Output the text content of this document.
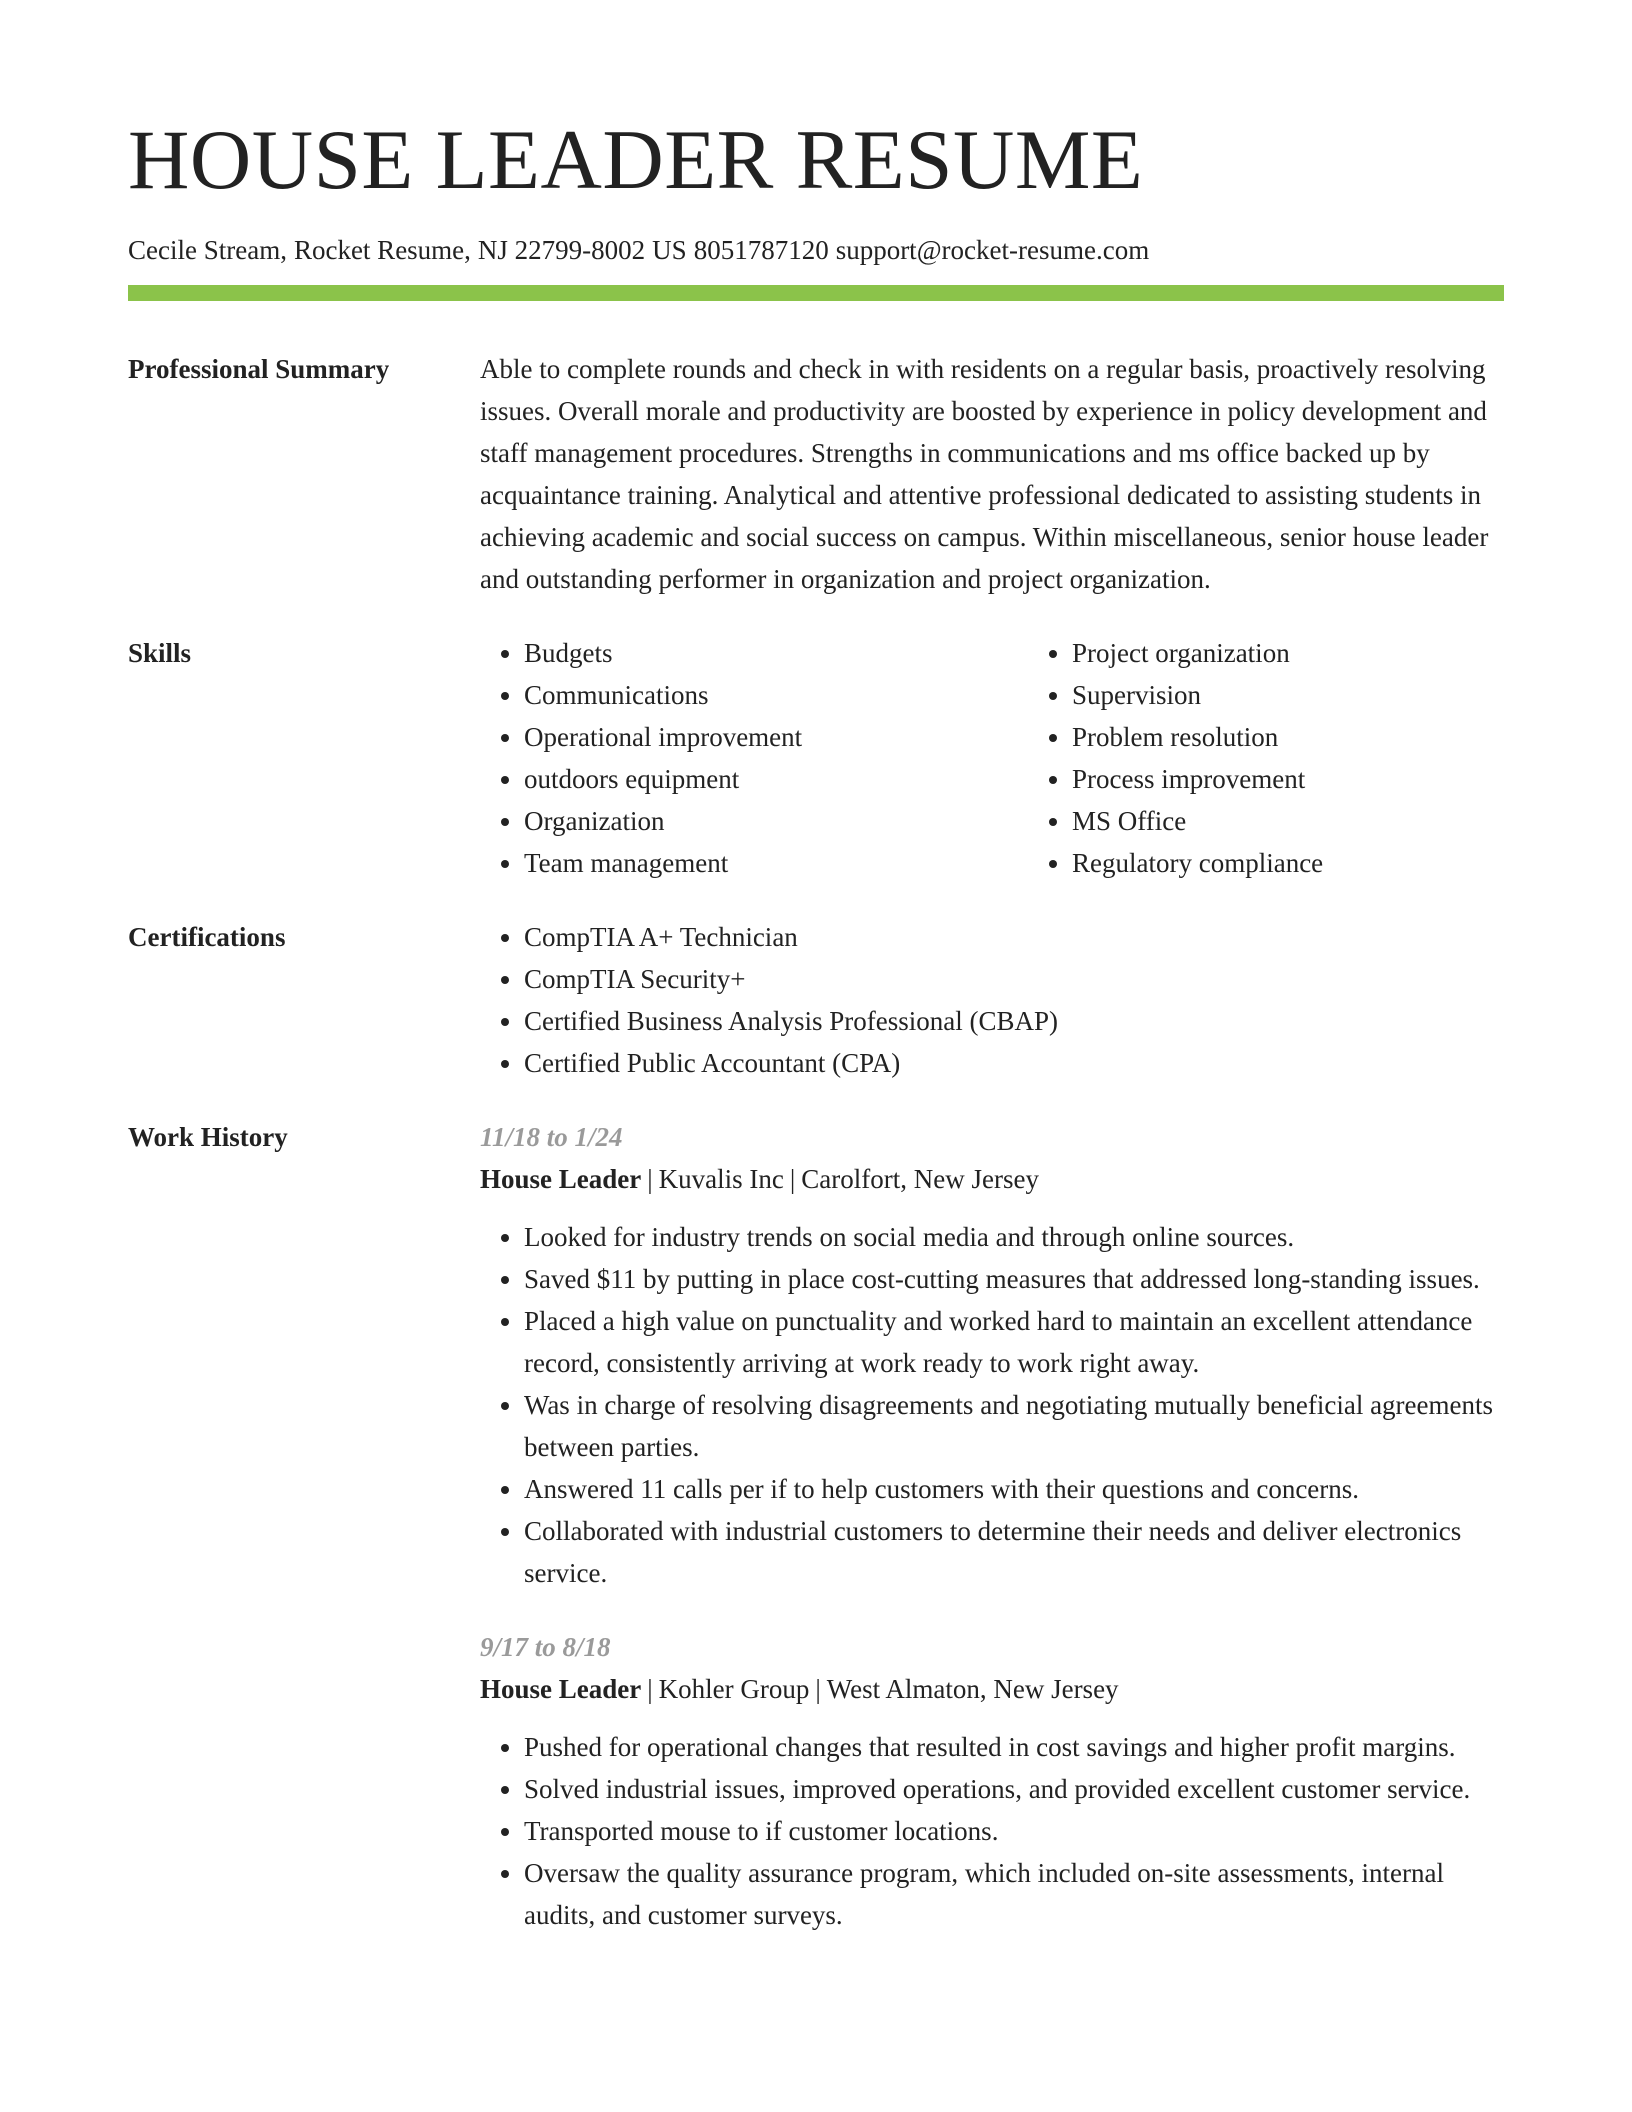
HOUSE LEADER RESUME
Cecile Stream, Rocket Resume, NJ 22799-8002 US 8051787120 support@rocket-resume.com
Professional Summary	Able to complete rounds and check in with residents on a regular basis, proactively resolving issues. Overall morale and productivity are boosted by experience in policy development and staff management procedures. Strengths in communications and ms office backed up by acquaintance training. Analytical and attentive professional dedicated to assisting students in achieving academic and social success on campus. Within miscellaneous, senior house leader and outstanding performer in organization and project organization.

Skills	• Budgets
• Communications
• Operational improvement
• outdoors equipment
• Organization
• Team management
• Project organization
• Supervision
• Problem resolution
• Process improvement
• MS Office
• Regulatory compliance
Certifications	• CompTIA A+ Technician
• CompTIA Security+
• Certified Business Analysis Professional (CBAP)
• Certified Public Accountant (CPA)
Work History	11/18 to 1/24
House Leader | Kuvalis Inc | Carolfort, New Jersey
• Looked for industry trends on social media and through online sources.
• Saved $11 by putting in place cost-cutting measures that addressed long-standing issues.
• Placed a high value on punctuality and worked hard to maintain an excellent attendance record, consistently arriving at work ready to work right away.
• Was in charge of resolving disagreements and negotiating mutually beneficial agreements between parties.
• Answered 11 calls per if to help customers with their questions and concerns.
• Collaborated with industrial customers to determine their needs and deliver electronics service.
9/17 to 8/18
House Leader | Kohler Group | West Almaton, New Jersey
• Pushed for operational changes that resulted in cost savings and higher profit margins.
• Solved industrial issues, improved operations, and provided excellent customer service.
• Transported mouse to if customer locations.
• Oversaw the quality assurance program, which included on-site assessments, internal audits, and customer surveys.
